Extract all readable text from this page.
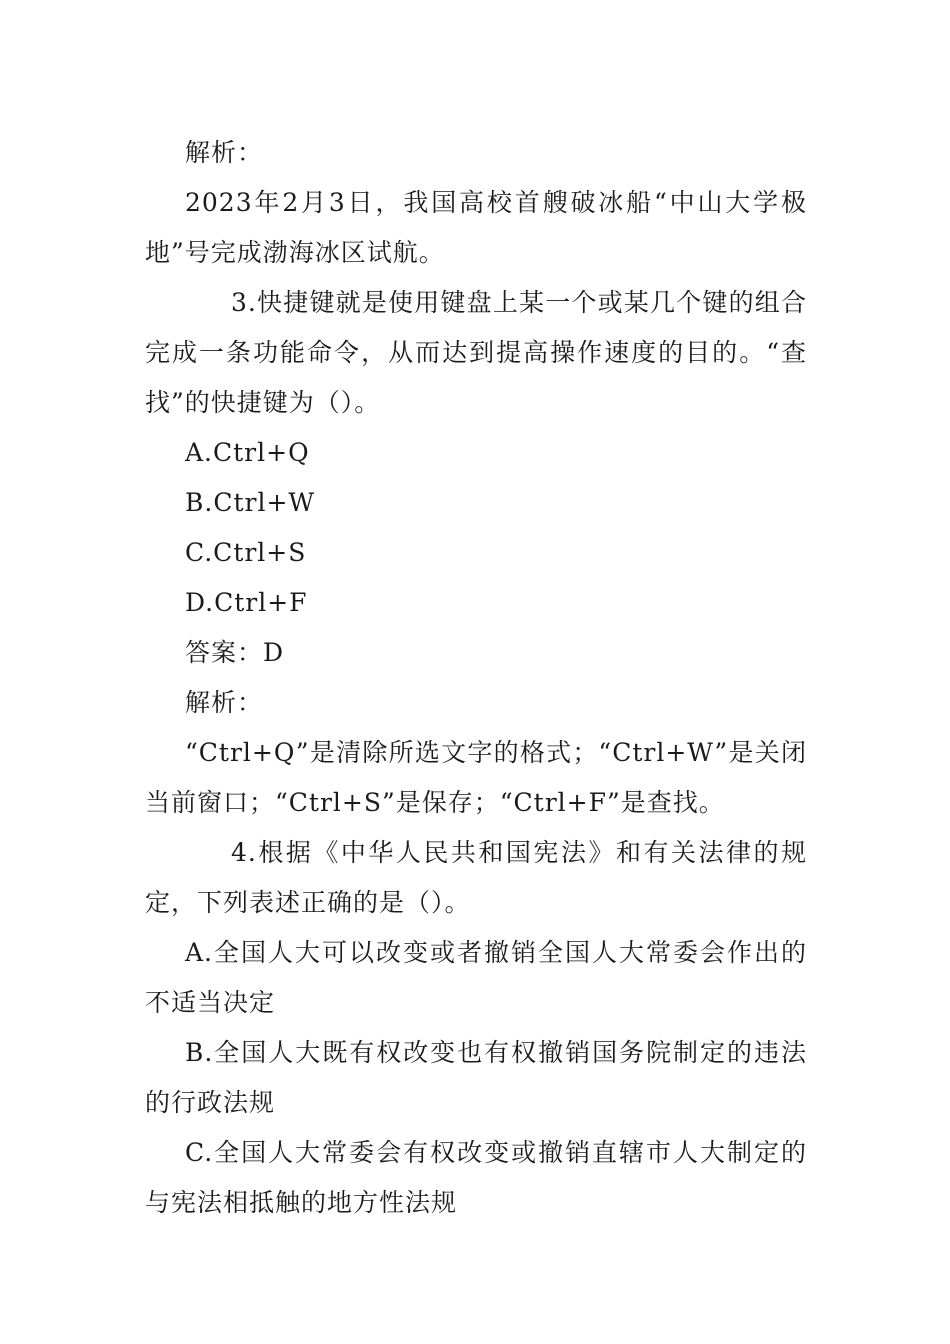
解析：

2023年2月3日，我国高校首艘破冰船“中山大学极地”号完成渤海冰区试航。

3.快捷键就是使用键盘上某一个或某几个键的组合完成一条功能命令，从而达到提高操作速度的目的。“查找”的快捷键为（）。

A.Ctrl+Q

B.Ctrl+W

C.Ctrl+S

D.Ctrl+F

答案：D

解析：

“Ctrl+Q”是清除所选文字的格式；“Ctrl+W”是关闭当前窗口；“Ctrl+S”是保存；“Ctrl+F”是查找。

4.根据《中华人民共和国宪法》和有关法律的规定，下列表述正确的是（）。

A.全国人大可以改变或者撤销全国人大常委会作出的不适当决定

B.全国人大既有权改变也有权撤销国务院制定的违法的行政法规

C.全国人大常委会有权改变或撤销直辖市人大制定的与宪法相抵触的地方性法规
